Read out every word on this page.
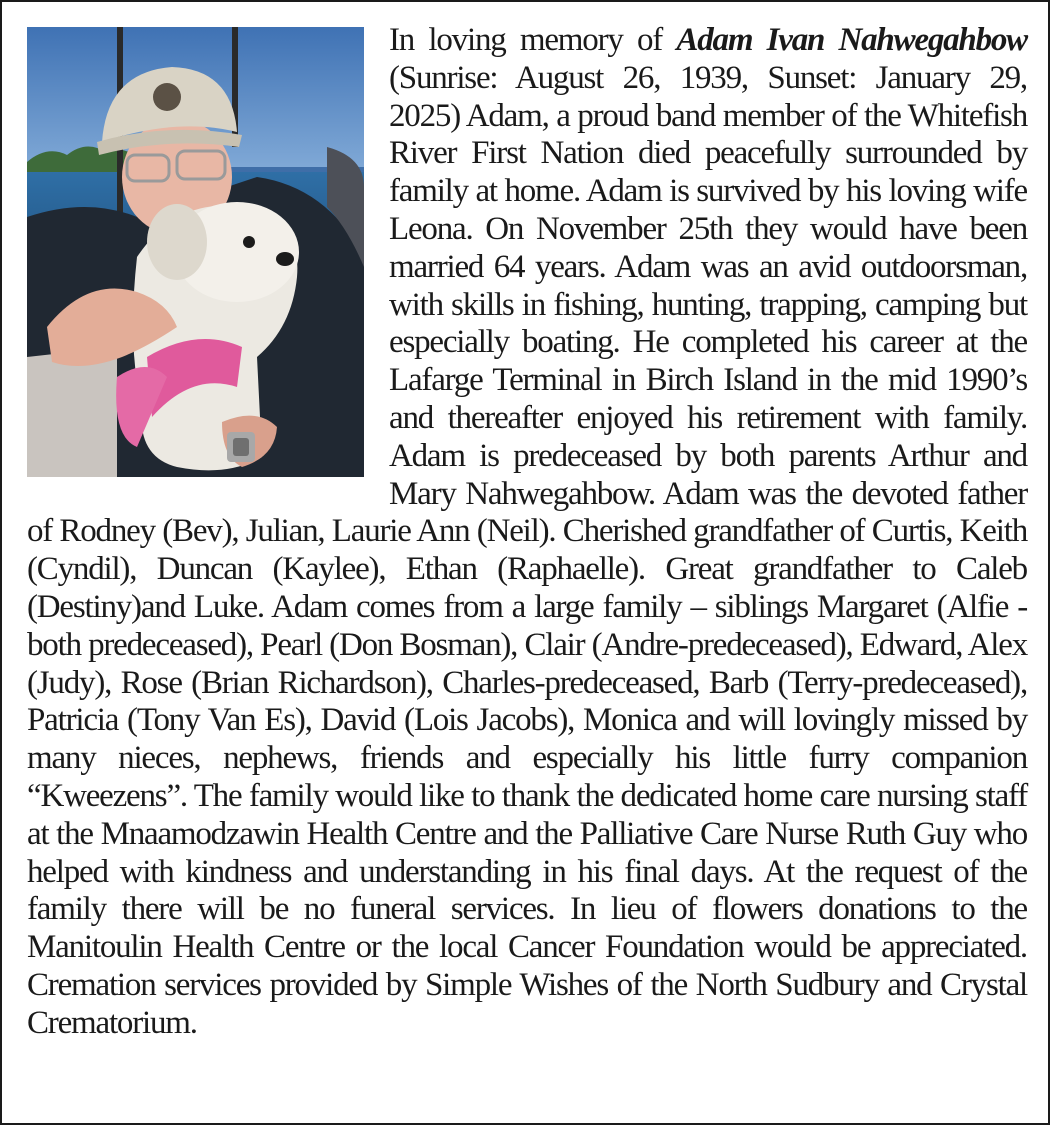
In loving memory of Adam Ivan Nahwegahbow (Sunrise: August 26, 1939, Sunset: January 29, 2025) Adam, a proud band member of the Whitefish River First Nation died peacefully surrounded by family at home. Adam is survived by his loving wife Leona. On November 25th they would have been married 64 years. Adam was an avid outdoorsman, with skills in fishing, hunting, trapping, camping but especially boating. He completed his career at the Lafarge Terminal in Birch Island in the mid 1990’s and thereafter enjoyed his retirement with family. Adam is predeceased by both parents Arthur and Mary Nahwegahbow. Adam was the devoted father of Rodney (Bev), Julian, Laurie Ann (Neil). Cherished grandfather of Curtis, Keith (Cyndil), Duncan (Kaylee), Ethan (Raphaelle). Great grandfather to Caleb (Destiny)and Luke. Adam comes from a large family – siblings Margaret (Alfie -both predeceased), Pearl (Don Bosman), Clair (Andre-predeceased), Edward, Alex (Judy), Rose (Brian Richardson), Charles-predeceased, Barb (Terry-predeceased), Patricia (Tony Van Es), David (Lois Jacobs), Monica and will lovingly missed by many nieces, nephews, friends and especially his little furry companion “Kweezens”. The family would like to thank the dedicated home care nursing staff at the Mnaamodzawin Health Centre and the Palliative Care Nurse Ruth Guy who helped with kindness and understanding in his final days. At the request of the family there will be no funeral services. In lieu of flowers donations to the Manitoulin Health Centre or the local Cancer Foundation would be appreciated. Cremation services provided by Simple Wishes of the North Sudbury and Crystal Crematorium.
